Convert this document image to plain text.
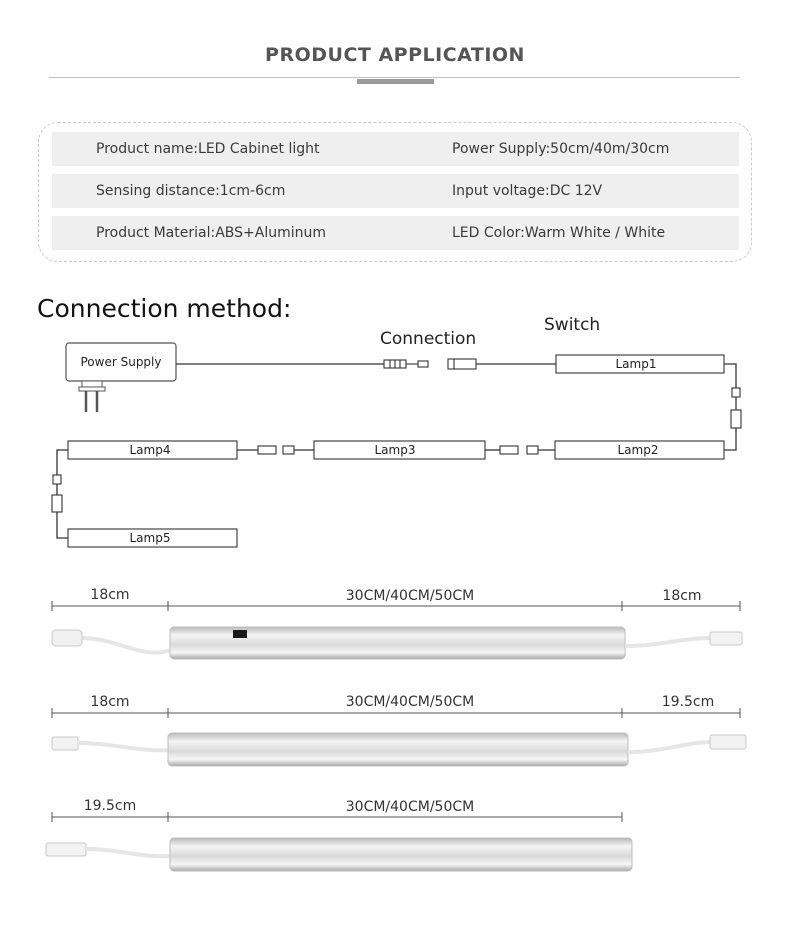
PRODUCT APPLICATION
Product name:LED Cabinet light	Power Supply:50cm/40m/30cm
Sensing distance:1cm-6cm	Input voltage:DC 12V
Product Material:ABS+Aluminum	LED Color:Warm White / White
Connection method:
Connection
Switch
Power Supply	Lamp1
Lamp2
Lamp3
Lamp4
Lamp5
18cm	30CM/40CM/50CM	18cm
18cm	30CM/40CM/50CM	19.5cm
19.5cm	30CM/40CM/50CM
